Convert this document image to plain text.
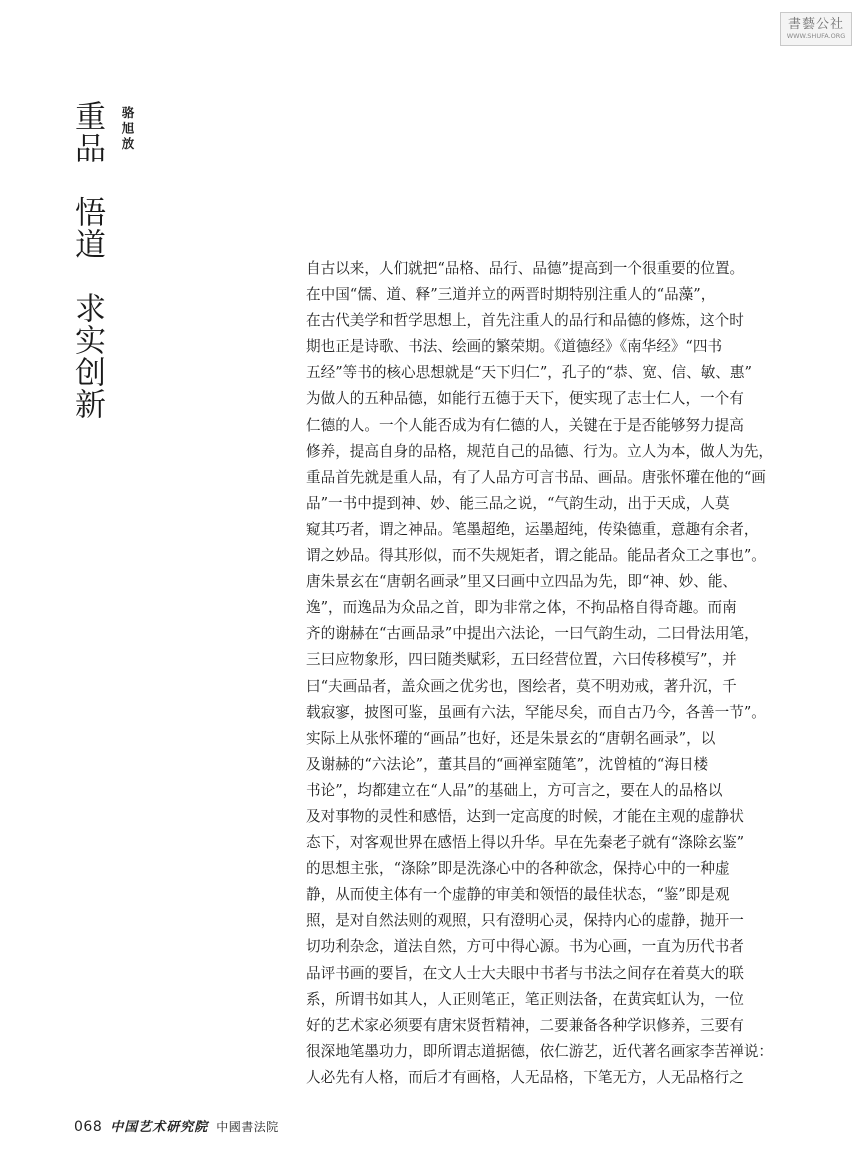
書藝公社
WWW.SHUFA.ORG
重品悟道求实创新
骆旭放
自古以来，人们就把“品格、品行、品德”提高到一个很重要的位置。
在中国“儒、道、释”三道并立的两晋时期特别注重人的“品藻”，
在古代美学和哲学思想上，首先注重人的品行和品德的修炼，这个时
期也正是诗歌、书法、绘画的繁荣期。《道德经》《南华经》“四书
五经”等书的核心思想就是“天下归仁”，孔子的“恭、宽、信、敏、惠”
为做人的五种品德，如能行五德于天下，便实现了志士仁人，一个有
仁德的人。一个人能否成为有仁德的人，关键在于是否能够努力提高
修养，提高自身的品格，规范自己的品德、行为。立人为本，做人为先，
重品首先就是重人品，有了人品方可言书品、画品。唐张怀瓘在他的“画
品”一书中提到神、妙、能三品之说，“气韵生动，出于天成，人莫
窥其巧者，谓之神品。笔墨超绝，运墨超纯，传染德重，意趣有余者，
谓之妙品。得其形似，而不失规矩者，谓之能品。能品者众工之事也”。
唐朱景玄在“唐朝名画录”里又曰画中立四品为先，即“神、妙、能、
逸”，而逸品为众品之首，即为非常之体，不拘品格自得奇趣。而南
齐的谢赫在“古画品录”中提出六法论，一曰气韵生动，二曰骨法用笔，
三曰应物象形，四曰随类赋彩，五曰经营位置，六曰传移模写”，并
曰“夫画品者，盖众画之优劣也，图绘者，莫不明劝戒，著升沉，千
载寂寥，披图可鉴，虽画有六法，罕能尽矣，而自古乃今，各善一节”。
实际上从张怀瓘的“画品”也好，还是朱景玄的“唐朝名画录”，以
及谢赫的“六法论”，董其昌的“画禅室随笔”，沈曾植的“海日楼
书论”，均都建立在“人品”的基础上，方可言之，要在人的品格以
及对事物的灵性和感悟，达到一定高度的时候，才能在主观的虚静状
态下，对客观世界在感悟上得以升华。早在先秦老子就有“涤除玄鉴”
的思想主张，“涤除”即是洗涤心中的各种欲念，保持心中的一种虚
静，从而使主体有一个虚静的审美和领悟的最佳状态，“鉴”即是观
照，是对自然法则的观照，只有澄明心灵，保持内心的虚静，抛开一
切功利杂念，道法自然，方可中得心源。书为心画，一直为历代书者
品评书画的要旨，在文人士大夫眼中书者与书法之间存在着莫大的联
系，所谓书如其人，人正则笔正，笔正则法备，在黄宾虹认为，一位
好的艺术家必须要有唐宋贤哲精神，二要兼备各种学识修养，三要有
很深地笔墨功力，即所谓志道据德，依仁游艺，近代著名画家李苦禅说：
人必先有人格，而后才有画格，人无品格，下笔无方，人无品格行之
068 中国艺术研究院 中國書法院
